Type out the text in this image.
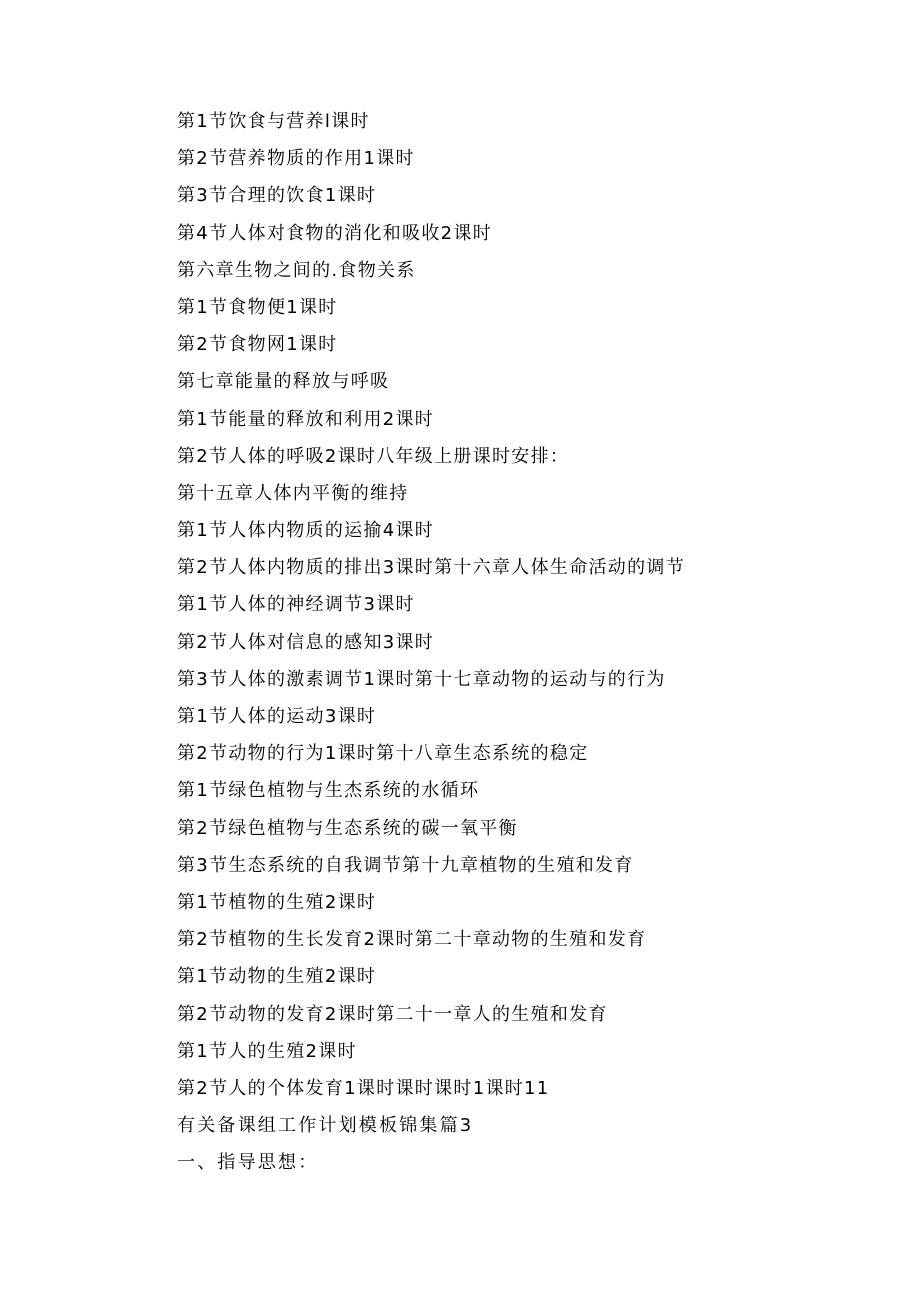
第1节饮食与营养l课时
第2节营养物质的作用1课时
第3节合理的饮食1课时
第4节人体对食物的消化和吸收2课时
第六章生物之间的.食物关系
第1节食物便1课时
第2节食物网1课时
第七章能量的释放与呼吸
第1节能量的释放和利用2课时
第2节人体的呼吸2课时八年级上册课时安排：
第十五章人体内平衡的维持
第1节人体内物质的运揄4课时
第2节人体内物质的排出3课时第十六章人体生命活动的调节
第1节人体的神经调节3课时
第2节人体对信息的感知3课时
第3节人体的激素调节1课时第十七章动物的运动与的行为
第1节人体的运动3课时
第2节动物的行为1课时第十八章生态系统的稳定
第1节绿色植物与生杰系统的水循环
第2节绿色植物与生态系统的碳一氧平衡
第3节生态系统的自我调节第十九章植物的生殖和发育
第1节植物的生殖2课时
第2节植物的生长发育2课时第二十章动物的生殖和发育
第1节动物的生殖2课时
第2节动物的发育2课时第二十一章人的生殖和发育
第1节人的生殖2课时
第2节人的个体发育1课时课时课时1课时11
有关备课组工作计划模板锦集篇3
一、指导思想：
